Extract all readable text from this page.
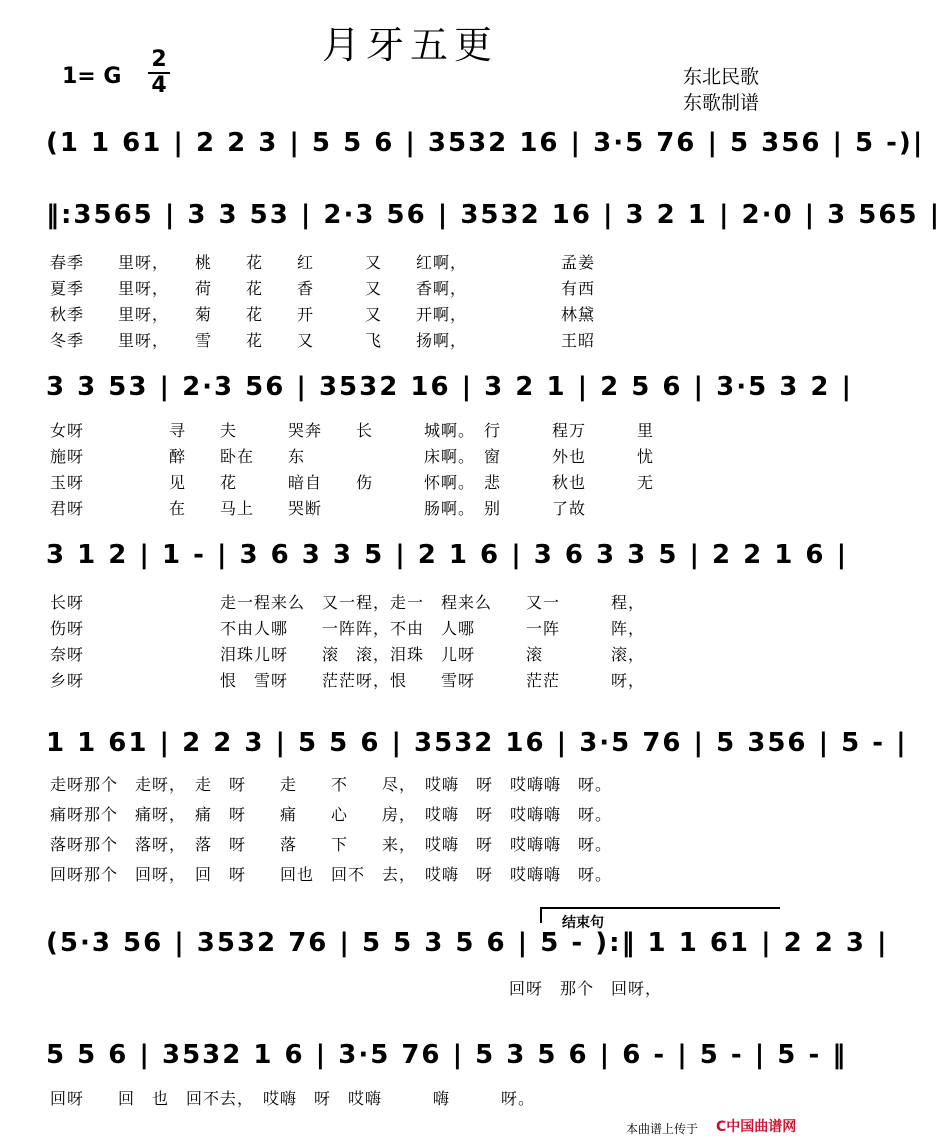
月牙五更
1= G
2
4	东北民歌
东歌制谱
(1 1 61 | 2 2 3 | 5 5 6 | 3532 16 | 3·5 76 | 5 356 | 5 -)|
‖:3565 | 3 3 53 | 2·3 56 | 3532 16 | 3 2 1 | 2·0 | 3 565 |
春季　　里呀，　　桃　　花　　红　　　又　　红啊，　　　　　　孟姜
夏季　　里呀，　　荷　　花　　香　　　又　　香啊，　　　　　　有西
秋季　　里呀，　　菊　　花　　开　　　又　　开啊，　　　　　　林黛
冬季　　里呀，　　雪　　花　　又　　　飞　　扬啊，　　　　　　王昭
3 3 53 | 2·3 56 | 3532 16 | 3 2 1 | 2 5 6 | 3·5 3 2 |
女呀　　　　　寻　　夫　　　哭奔　　长　　　城啊。　行　　　程万　　　里
施呀　　　　　醉　　卧在　　东　　　　　　　床啊。　窗　　　外也　　　忧
玉呀　　　　　见　　花　　　暗自　　伤　　　怀啊。　悲　　　秋也　　　无
君呀　　　　　在　　马上　　哭断　　　　　　肠啊。　别　　　了故
3 1 2 | 1 - | 3 6 3 3 5 | 2 1 6 | 3 6 3 3 5 | 2 2 1 6 |
长呀　　　　　　　　走一程来么　又一程，走一　程来么　　又一　　　程，
伤呀　　　　　　　　不由人哪　　一阵阵，不由　人哪　　　一阵　　　阵，
奈呀　　　　　　　　泪珠儿呀　　滚　滚，泪珠　儿呀　　　滚　　　　滚，
乡呀　　　　　　　　恨　雪呀　　茫茫呀，恨　　雪呀　　　茫茫　　　呀，
1 1 61 | 2 2 3 | 5 5 6 | 3532 16 | 3·5 76 | 5 356 | 5 - |
走呀那个　走呀，　走　呀　　走　　不　　尽，　哎嗨　呀　哎嗨嗨　呀。
痛呀那个　痛呀，　痛　呀　　痛　　心　　房，　哎嗨　呀　哎嗨嗨　呀。
落呀那个　落呀，　落　呀　　落　　下　　来，　哎嗨　呀　哎嗨嗨　呀。
回呀那个　回呀，　回　呀　　回也　回不　去，　哎嗨　呀　哎嗨嗨　呀。
结束句
(5·3 56 | 3532 76 | 5 5 3 5 6 | 5 - ):‖ 1 1 61 | 2 2 3 |
　　　　　　　　　　　　　　　　　　　　　　　　　　　回呀　那个　回呀，
5 5 6 | 3532 1 6 | 3·5 76 | 5 3 5 6 | 6 - | 5 - | 5 - ‖
回呀　　回　也　回不去，　哎嗨　呀　哎嗨　　　嗨　　　呀。
本曲谱上传于 C中国曲谱网
